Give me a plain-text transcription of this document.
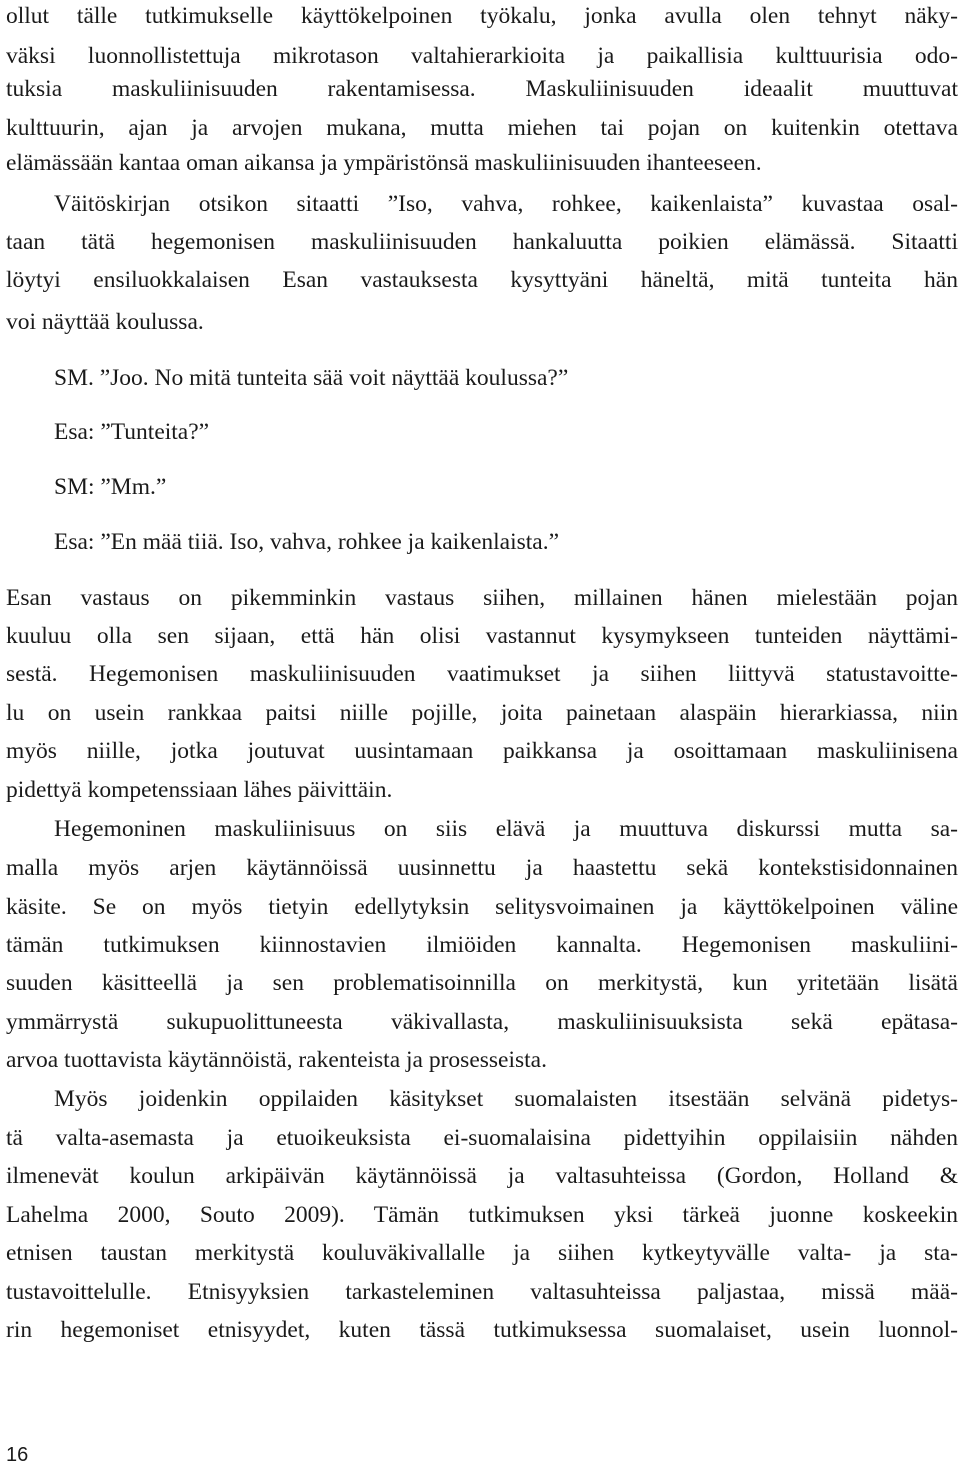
ollut tälle tutkimukselle käyttökelpoinen työkalu, jonka avulla olen tehnyt näky-
väksi luonnollistettuja mikrotason valtahierarkioita ja paikallisia kulttuurisia odo-
tuksia maskuliinisuuden rakentamisessa. Maskuliinisuuden ideaalit muuttuvat
kulttuurin, ajan ja arvojen mukana, mutta miehen tai pojan on kuitenkin otettava
elämässään kantaa oman aikansa ja ympäristönsä maskuliinisuuden ihanteeseen.
Väitöskirjan otsikon sitaatti ”Iso, vahva, rohkee, kaikenlaista” kuvastaa osal-
taan tätä hegemonisen maskuliinisuuden hankaluutta poikien elämässä. Sitaatti
löytyi ensiluokkalaisen Esan vastauksesta kysyttyäni häneltä, mitä tunteita hän
voi näyttää koulussa.
SM. ”Joo. No mitä tunteita sää voit näyttää koulussa?”
Esa: ”Tunteita?”
SM: ”Mm.”
Esa: ”En mää tiiä. Iso, vahva, rohkee ja kaikenlaista.”
Esan vastaus on pikemminkin vastaus siihen, millainen hänen mielestään pojan
kuuluu olla sen sijaan, että hän olisi vastannut kysymykseen tunteiden näyttämi-
sestä. Hegemonisen maskuliinisuuden vaatimukset ja siihen liittyvä statustavoitte-
lu on usein rankkaa paitsi niille pojille, joita painetaan alaspäin hierarkiassa, niin
myös niille, jotka joutuvat uusintamaan paikkansa ja osoittamaan maskuliinisena
pidettyä kompetenssiaan lähes päivittäin.
Hegemoninen maskuliinisuus on siis elävä ja muuttuva diskurssi mutta sa-
malla myös arjen käytännöissä uusinnettu ja haastettu sekä kontekstisidonnainen
käsite. Se on myös tietyin edellytyksin selitysvoimainen ja käyttökelpoinen väline
tämän tutkimuksen kiinnostavien ilmiöiden kannalta. Hegemonisen maskuliini-
suuden käsitteellä ja sen problematisoinnilla on merkitystä, kun yritetään lisätä
ymmärrystä sukupuolittuneesta väkivallasta, maskuliinisuuksista sekä epätasa-
arvoa tuottavista käytännöistä, rakenteista ja prosesseista.
Myös joidenkin oppilaiden käsitykset suomalaisten itsestään selvänä pidetys-
tä valta-asemasta ja etuoikeuksista ei-suomalaisina pidettyihin oppilaisiin nähden
ilmenevät koulun arkipäivän käytännöissä ja valtasuhteissa (Gordon, Holland &
Lahelma 2000, Souto 2009). Tämän tutkimuksen yksi tärkeä juonne koskeekin
etnisen taustan merkitystä kouluväkivallalle ja siihen kytkeytyvälle valta- ja sta-
tustavoittelulle. Etnisyyksien tarkasteleminen valtasuhteissa paljastaa, missä mää-
rin hegemoniset etnisyydet, kuten tässä tutkimuksessa suomalaiset, usein luonnol-
16
